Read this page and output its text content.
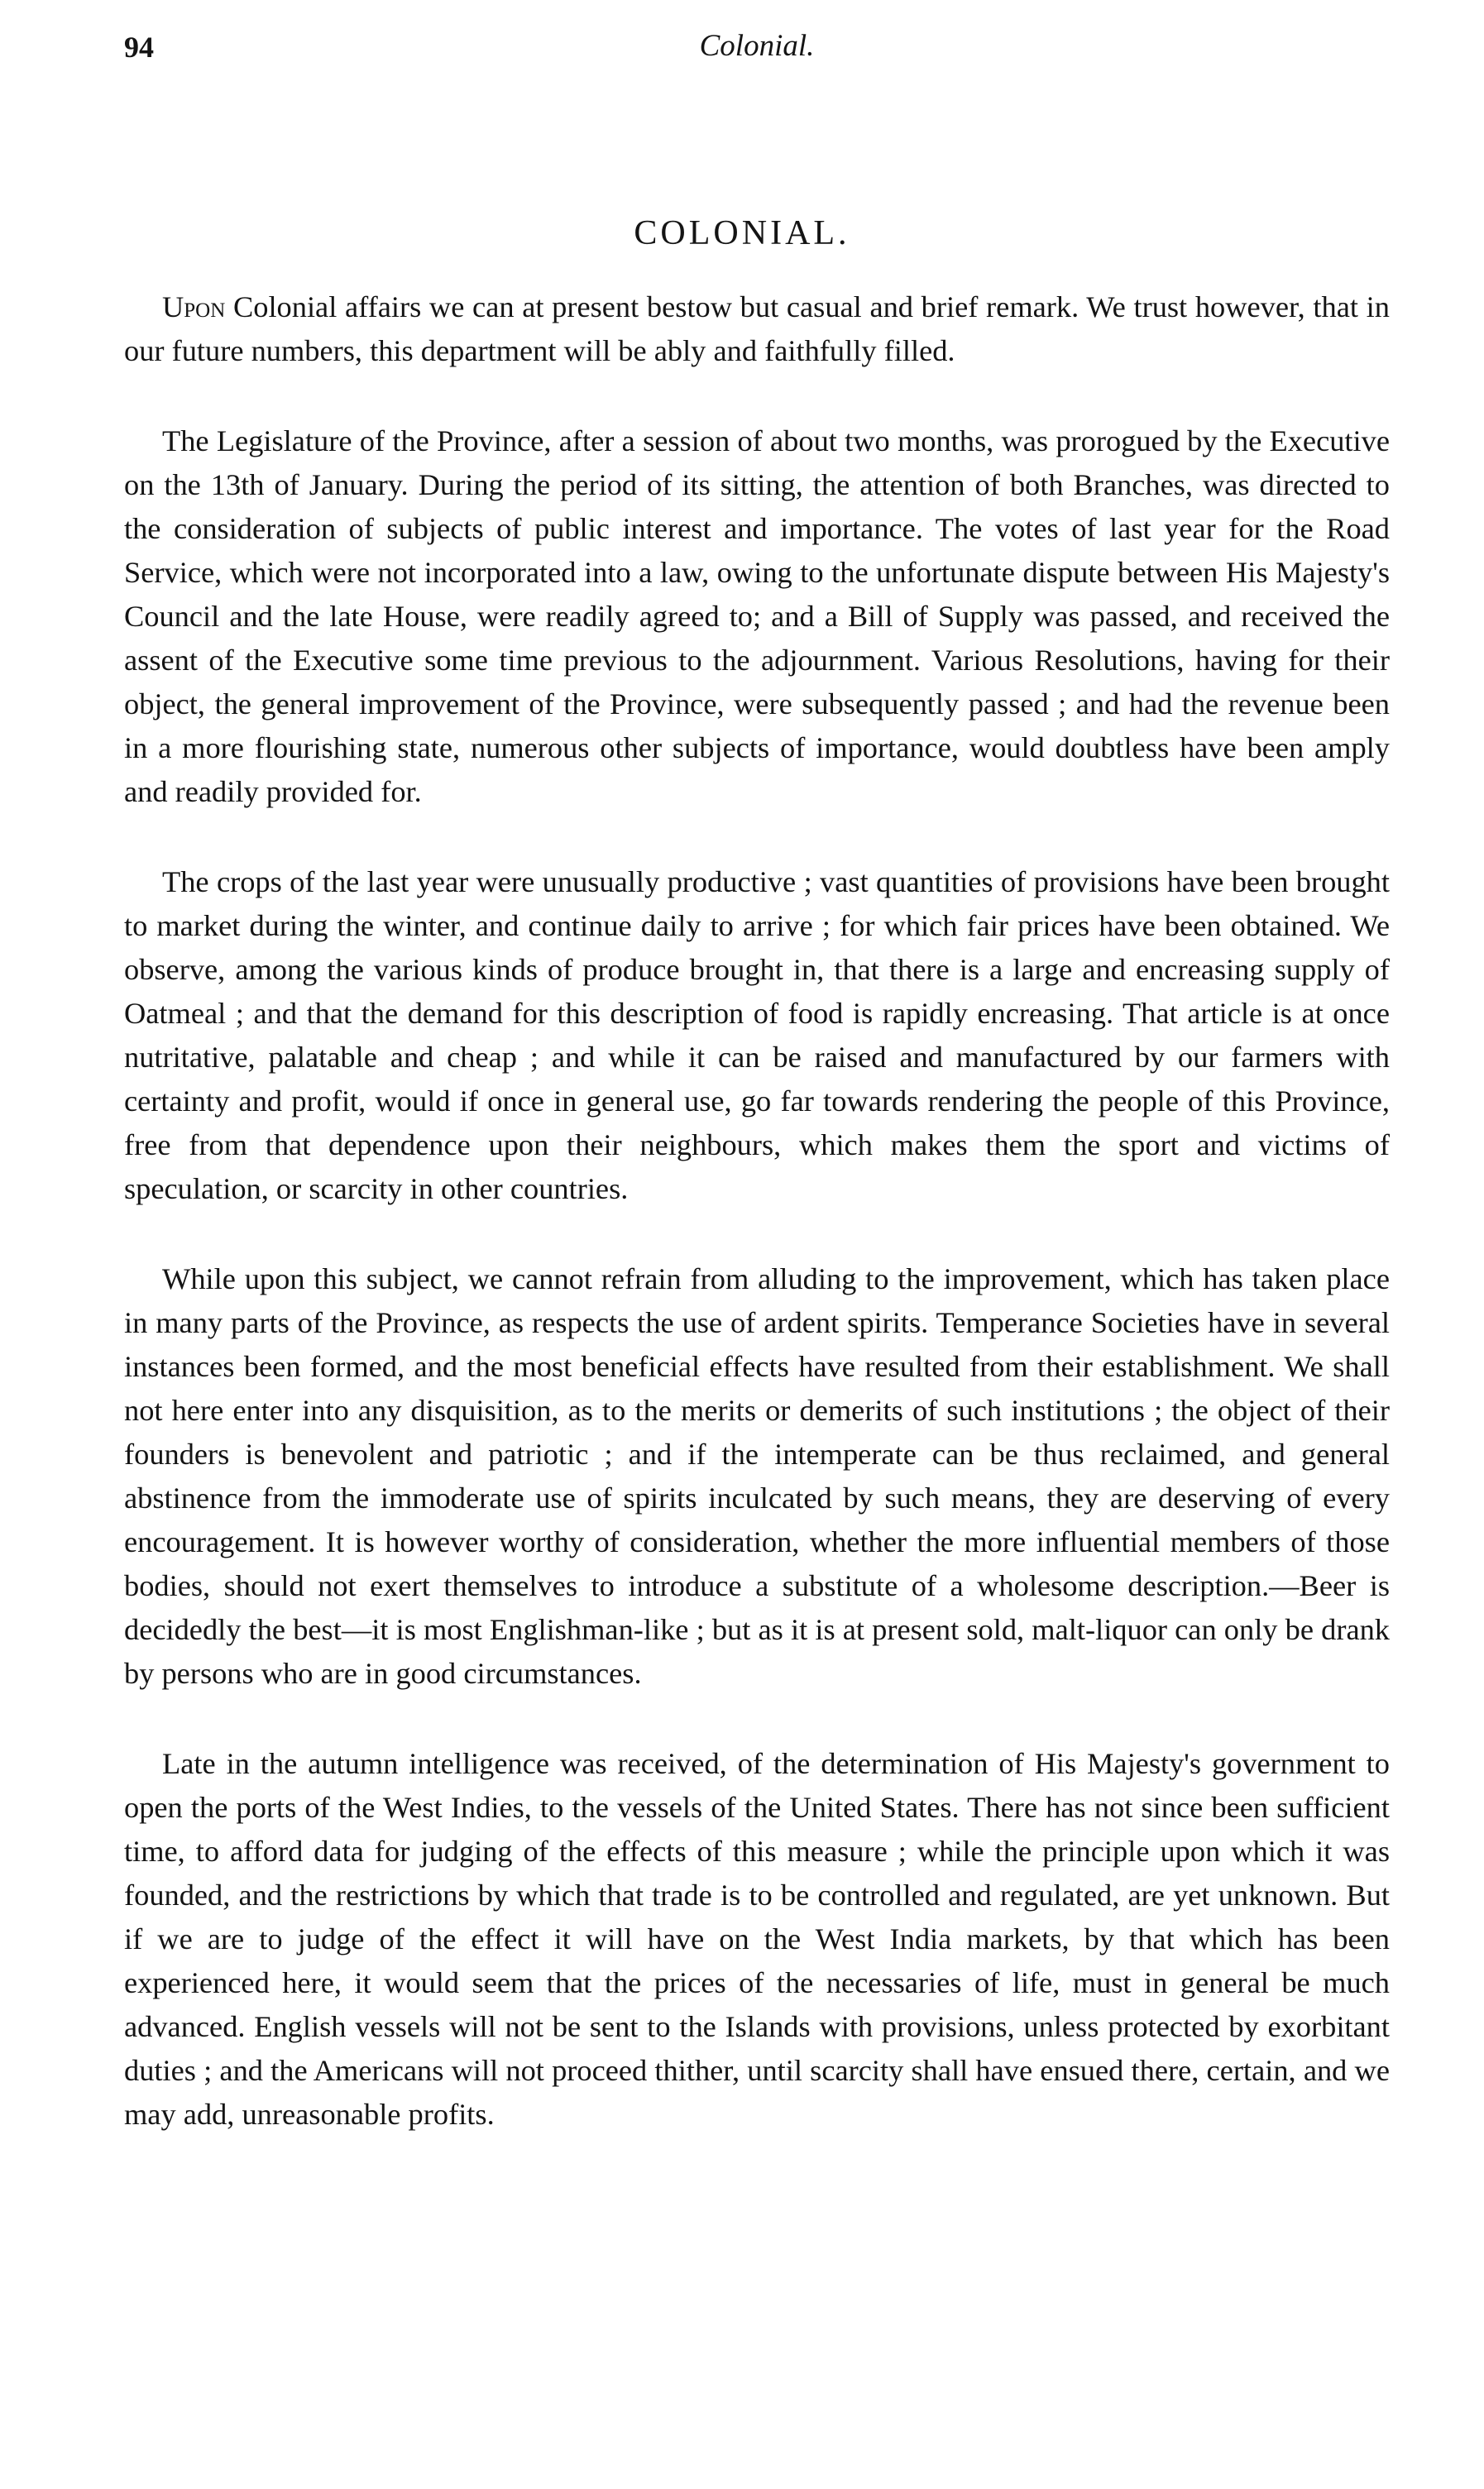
94	Colonial.
COLONIAL.

Upon Colonial affairs we can at present bestow but casual and brief remark. We trust however, that in our future numbers, this department will be ably and faithfully filled.

The Legislature of the Province, after a session of about two months, was prorogued by the Executive on the 13th of January. During the period of its sitting, the attention of both Branches, was directed to the consideration of subjects of public interest and importance. The votes of last year for the Road Service, which were not incorporated into a law, owing to the unfortunate dispute between His Majesty's Council and the late House, were readily agreed to; and a Bill of Supply was passed, and received the assent of the Executive some time previous to the adjournment. Various Resolutions, having for their object, the general improvement of the Province, were subsequently passed ; and had the revenue been in a more flourishing state, numerous other subjects of importance, would doubtless have been amply and readily provided for.

The crops of the last year were unusually productive ; vast quantities of provisions have been brought to market during the winter, and continue daily to arrive ; for which fair prices have been obtained. We observe, among the various kinds of produce brought in, that there is a large and encreasing supply of Oatmeal ; and that the demand for this description of food is rapidly encreasing. That article is at once nutritative, palatable and cheap ; and while it can be raised and manufactured by our farmers with certainty and profit, would if once in general use, go far towards rendering the people of this Province, free from that dependence upon their neighbours, which makes them the sport and victims of speculation, or scarcity in other countries.

While upon this subject, we cannot refrain from alluding to the improvement, which has taken place in many parts of the Province, as respects the use of ardent spirits. Temperance Societies have in several instances been formed, and the most beneficial effects have resulted from their establishment. We shall not here enter into any disquisition, as to the merits or demerits of such institutions ; the object of their founders is benevolent and patriotic ; and if the intemperate can be thus reclaimed, and general abstinence from the immoderate use of spirits inculcated by such means, they are deserving of every encouragement. It is however worthy of consideration, whether the more influential members of those bodies, should not exert themselves to introduce a substitute of a wholesome description.—Beer is decidedly the best—it is most Englishman-like ; but as it is at present sold, malt-liquor can only be drank by persons who are in good circumstances.

Late in the autumn intelligence was received, of the determination of His Majesty's government to open the ports of the West Indies, to the vessels of the United States. There has not since been sufficient time, to afford data for judging of the effects of this measure ; while the principle upon which it was founded, and the restrictions by which that trade is to be controlled and regulated, are yet unknown. But if we are to judge of the effect it will have on the West India markets, by that which has been experienced here, it would seem that the prices of the necessaries of life, must in general be much advanced. English vessels will not be sent to the Islands with provisions, unless protected by exorbitant duties ; and the Americans will not proceed thither, until scarcity shall have ensued there, certain, and we may add, unreasonable profits.
